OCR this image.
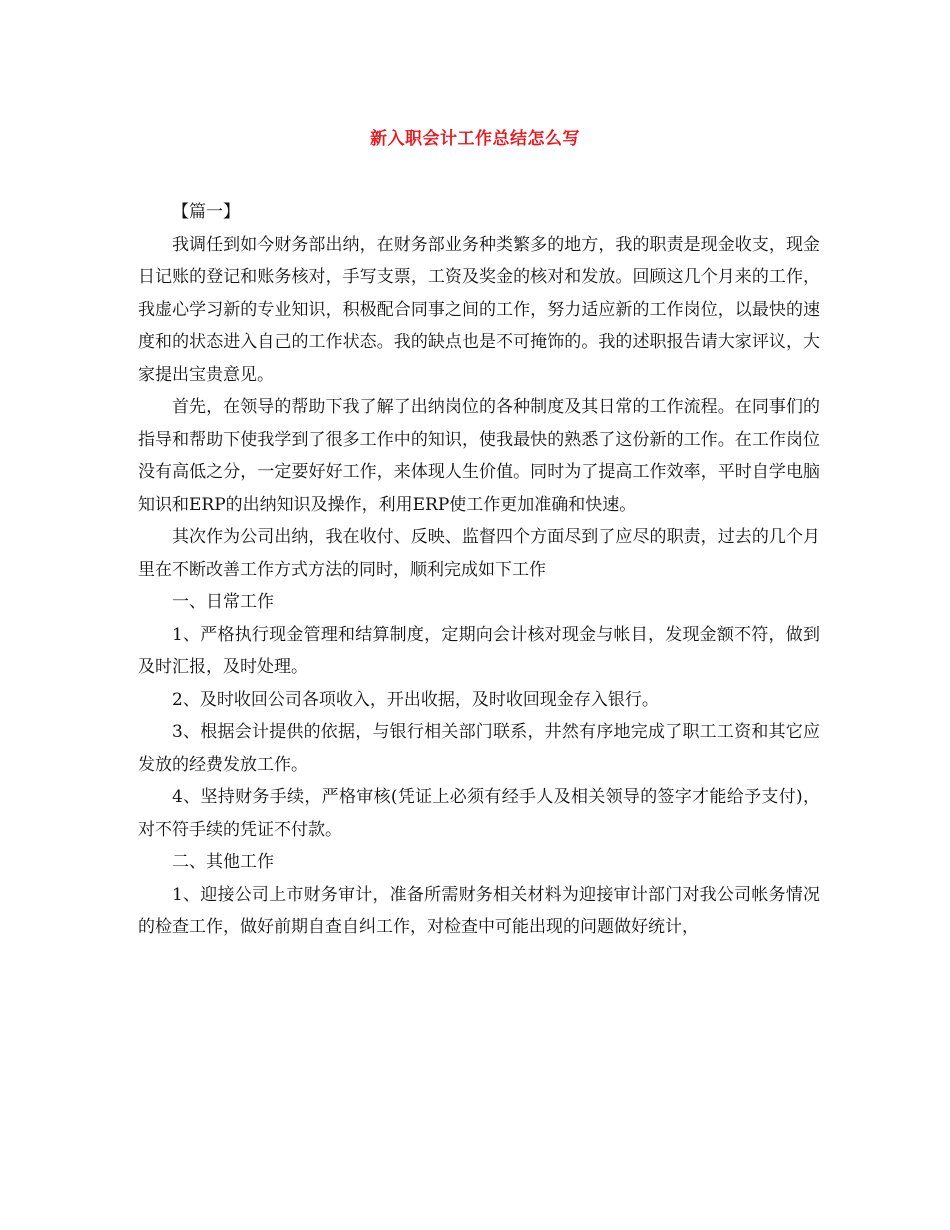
新入职会计工作总结怎么写

【篇一】

我调任到如今财务部出纳，在财务部业务种类繁多的地方，我的职责是现金收支，现金日记账的登记和账务核对，手写支票，工资及奖金的核对和发放。回顾这几个月来的工作，我虚心学习新的专业知识，积极配合同事之间的工作，努力适应新的工作岗位，以最快的速度和的状态进入自己的工作状态。我的缺点也是不可掩饰的。我的述职报告请大家评议，大家提出宝贵意见。

首先，在领导的帮助下我了解了出纳岗位的各种制度及其日常的工作流程。在同事们的指导和帮助下使我学到了很多工作中的知识，使我最快的熟悉了这份新的工作。在工作岗位没有高低之分，一定要好好工作，来体现人生价值。同时为了提高工作效率，平时自学电脑知识和ERP的出纳知识及操作，利用ERP使工作更加准确和快速。

其次作为公司出纳，我在收付、反映、监督四个方面尽到了应尽的职责，过去的几个月里在不断改善工作方式方法的同时，顺利完成如下工作

一、日常工作

1、严格执行现金管理和结算制度，定期向会计核对现金与帐目，发现金额不符，做到及时汇报，及时处理。

2、及时收回公司各项收入，开出收据，及时收回现金存入银行。

3、根据会计提供的依据，与银行相关部门联系，井然有序地完成了职工工资和其它应发放的经费发放工作。

4、坚持财务手续，严格审核(凭证上必须有经手人及相关领导的签字才能给予支付)，对不符手续的凭证不付款。

二、其他工作

1、迎接公司上市财务审计，准备所需财务相关材料为迎接审计部门对我公司帐务情况的检查工作，做好前期自查自纠工作，对检查中可能出现的问题做好统计，
